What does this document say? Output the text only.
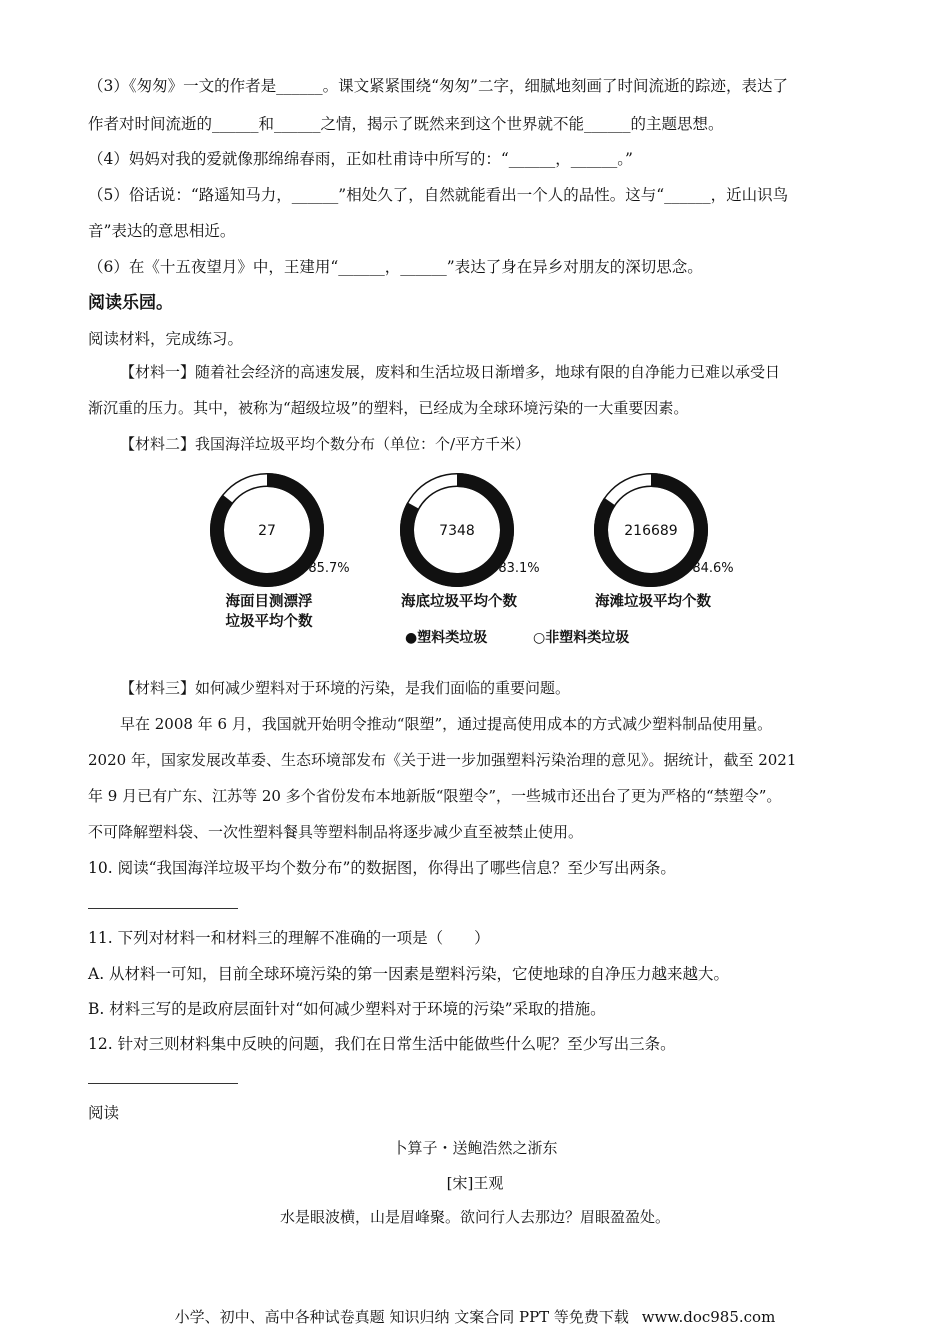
（3）《匆匆》一文的作者是______。课文紧紧围绕“匆匆”二字，细腻地刻画了时间流逝的踪迹，表达了
作者对时间流逝的______和______之情，揭示了既然来到这个世界就不能______的主题思想。
（4）妈妈对我的爱就像那绵绵春雨，正如杜甫诗中所写的：“______，______。”
（5）俗话说：“路遥知马力，______”相处久了，自然就能看出一个人的品性。这与“______，近山识鸟
音”表达的意思相近。
（6）在《十五夜望月》中，王建用“______，______”表达了身在异乡对朋友的深切思念。
阅读乐园。
阅读材料，完成练习。
【材料一】随着社会经济的高速发展，废料和生活垃圾日渐增多，地球有限的自净能力已难以承受日
渐沉重的压力。其中，被称为“超级垃圾”的塑料，已经成为全球环境污染的一大重要因素。
【材料二】我国海洋垃圾平均个数分布（单位：个/平方千米）
27
85.7%
海面目测漂浮
垃圾平均个数
7348
83.1%
海底垃圾平均个数
216689
84.6%
海滩垃圾平均个数
●塑料类垃圾	○非塑料类垃圾
【材料三】如何减少塑料对于环境的污染，是我们面临的重要问题。
早在 2008 年 6 月，我国就开始明令推动“限塑”，通过提高使用成本的方式减少塑料制品使用量。
2020 年，国家发展改革委、生态环境部发布《关于进一步加强塑料污染治理的意见》。据统计，截至 2021
年 9 月已有广东、江苏等 20 多个省份发布本地新版“限塑令”，一些城市还出台了更为严格的“禁塑令”。
不可降解塑料袋、一次性塑料餐具等塑料制品将逐步减少直至被禁止使用。
10. 阅读“我国海洋垃圾平均个数分布”的数据图，你得出了哪些信息？至少写出两条。
11. 下列对材料一和材料三的理解不准确的一项是（　　）
A. 从材料一可知，目前全球环境污染的第一因素是塑料污染，它使地球的自净压力越来越大。
B. 材料三写的是政府层面针对“如何减少塑料对于环境的污染”采取的措施。
12. 针对三则材料集中反映的问题，我们在日常生活中能做些什么呢？至少写出三条。
阅读
卜算子・送鲍浩然之浙东
[宋]王观
水是眼波横，山是眉峰聚。欲问行人去那边？眉眼盈盈处。
小学、初中、高中各种试卷真题 知识归纳 文案合同 PPT 等免费下载 www.doc985.com
